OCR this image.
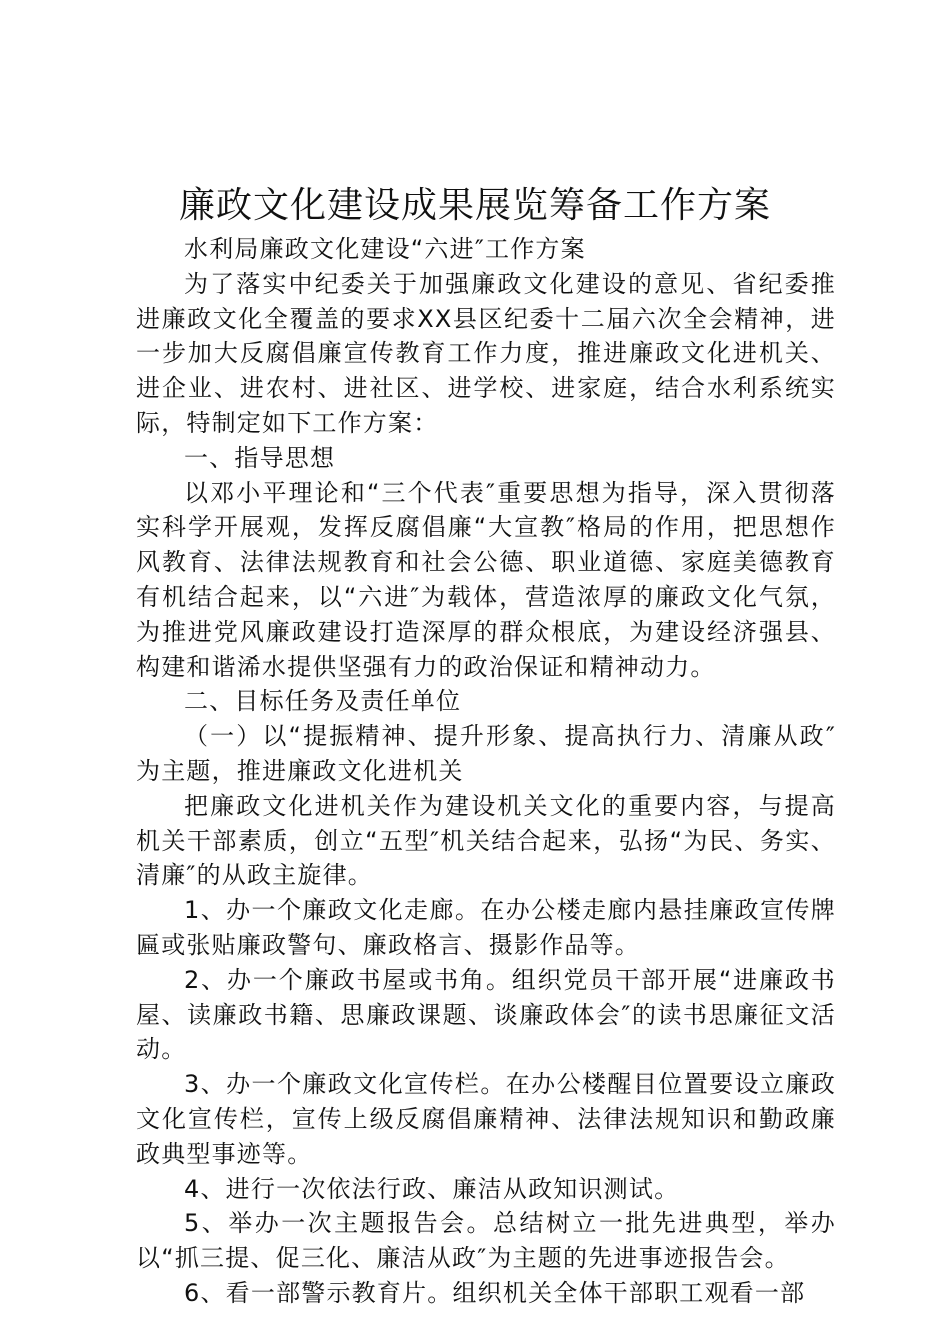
廉政文化建设成果展览筹备工作方案

水利局廉政文化建设“六进″工作方案

为了落实中纪委关于加强廉政文化建设的意见、省纪委推进廉政文化全覆盖的要求XX县区纪委十二届六次全会精神，进一步加大反腐倡廉宣传教育工作力度，推进廉政文化进机关、进企业、进农村、进社区、进学校、进家庭，结合水利系统实际，特制定如下工作方案：

一、指导思想

以邓小平理论和“三个代表″重要思想为指导，深入贯彻落实科学开展观，发挥反腐倡廉“大宣教″格局的作用，把思想作风教育、法律法规教育和社会公德、职业道德、家庭美德教育有机结合起来，以“六进″为载体，营造浓厚的廉政文化气氛，为推进党风廉政建设打造深厚的群众根底，为建设经济强县、构建和谐浠水提供坚强有力的政治保证和精神动力。

二、目标任务及责任单位

（一）以“提振精神、提升形象、提高执行力、清廉从政″为主题，推进廉政文化进机关

把廉政文化进机关作为建设机关文化的重要内容，与提高机关干部素质，创立“五型″机关结合起来，弘扬“为民、务实、清廉″的从政主旋律。

1、办一个廉政文化走廊。在办公楼走廊内悬挂廉政宣传牌匾或张贴廉政警句、廉政格言、摄影作品等。

2、办一个廉政书屋或书角。组织党员干部开展“进廉政书屋、读廉政书籍、思廉政课题、谈廉政体会″的读书思廉征文活动。

3、办一个廉政文化宣传栏。在办公楼醒目位置要设立廉政文化宣传栏，宣传上级反腐倡廉精神、法律法规知识和勤政廉政典型事迹等。

4、进行一次依法行政、廉洁从政知识测试。

5、举办一次主题报告会。总结树立一批先进典型，举办以“抓三提、促三化、廉洁从政″为主题的先进事迹报告会。

6、看一部警示教育片。组织机关全体干部职工观看一部
